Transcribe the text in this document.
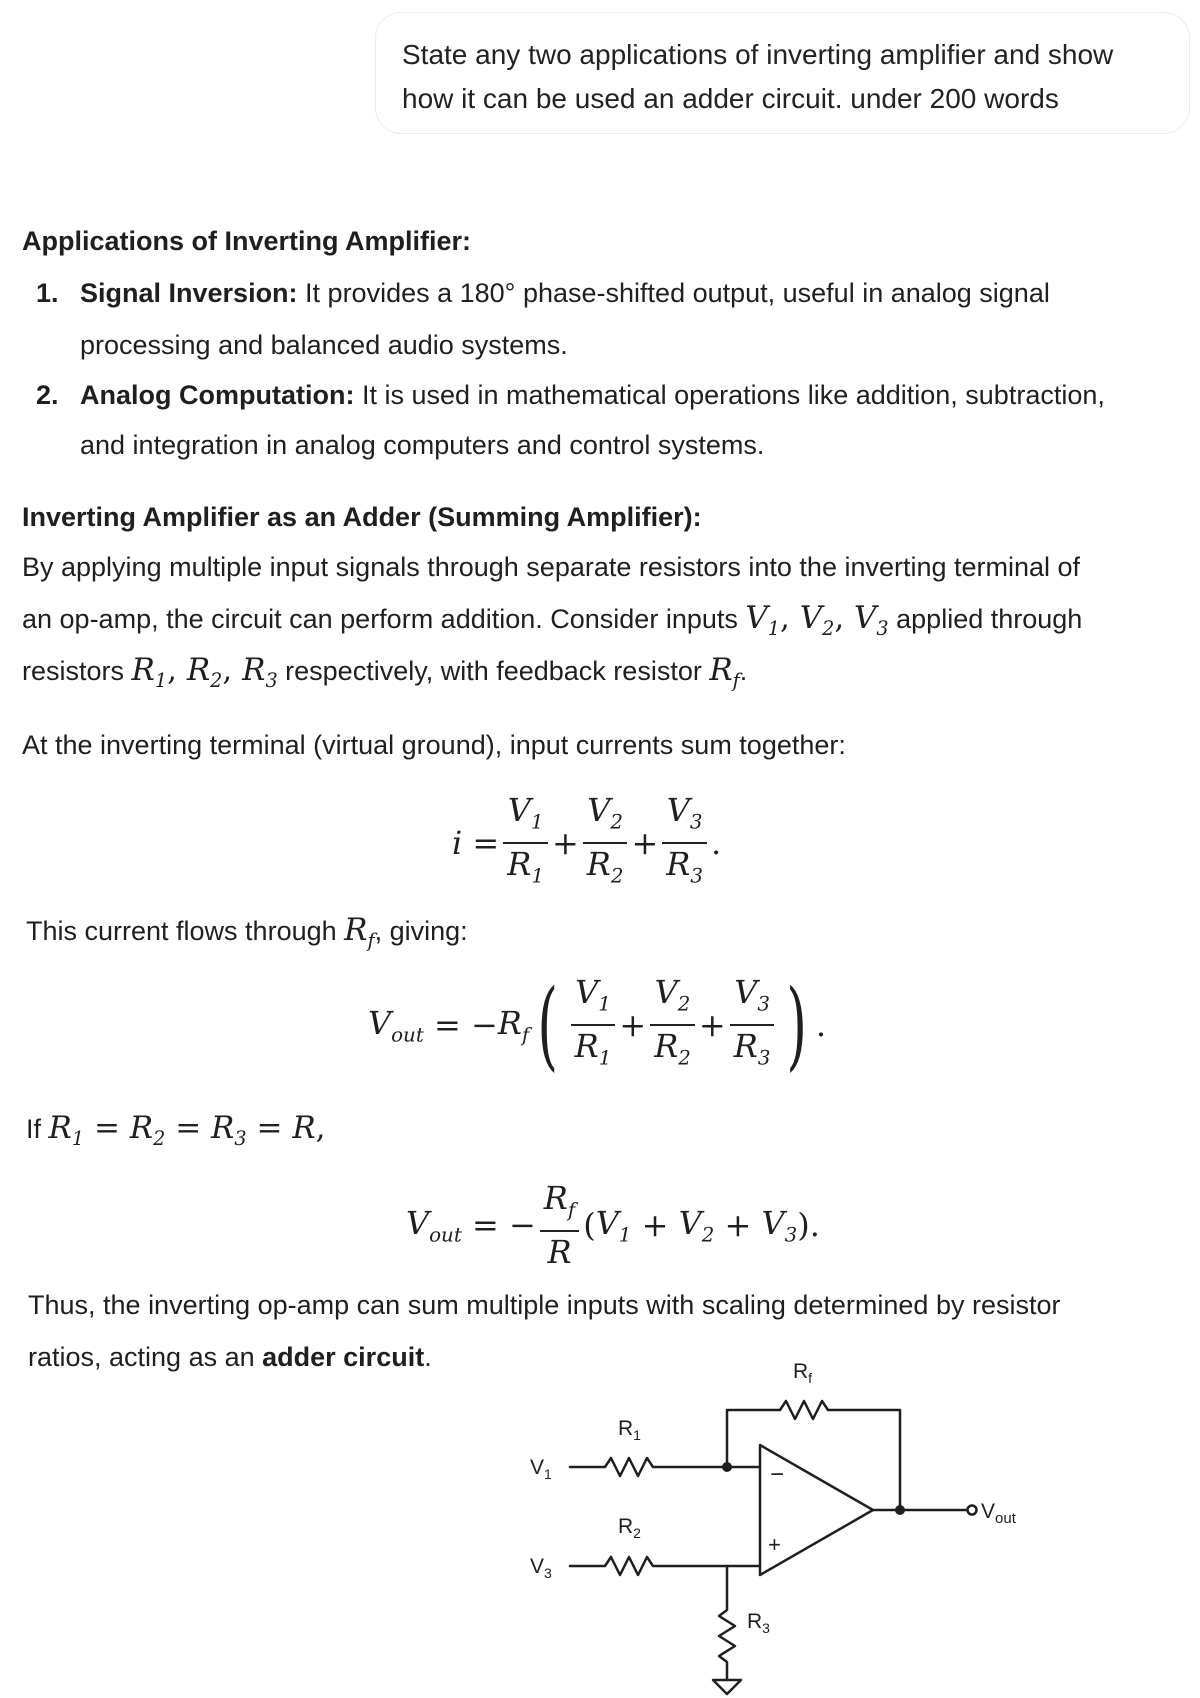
State any two applications of inverting amplifier and show
how it can be used an adder circuit. under 200 words
Applications of Inverting Amplifier:
1. Signal Inversion: It provides a 180° phase-shifted output, useful in analog signal
processing and balanced audio systems.
2. Analog Computation: It is used in mathematical operations like addition, subtraction,
and integration in analog computers and control systems.
Inverting Amplifier as an Adder (Summing Amplifier):
By applying multiple input signals through separate resistors into the inverting terminal of
an op-amp, the circuit can perform addition. Consider inputs $V_1$, $V_2$, $V_3$ applied through
resistors $R_1$, $R_2$, $R_3$ respectively, with feedback resistor $R_f$.
At the inverting terminal (virtual ground), input currents sum together:
i
= $\frac{V_1}{R_1} + \frac{V_2}{R_2} + \frac{V_3}{R_3}$ .
This current flows through $R_f$, giving:
$V_{out}$
=
− $R_f$ ( $\frac{V_1}{R_1} + \frac{V_2}{R_2} + \frac{V_3}{R_3}$ ) .
If $R_1 = R_2 = R_3 = R$,
$V_{out}$
=
− $\frac{R_f}{R}$ ( $V_1$
+
$V_2$
+
$V_3$ ) .
Thus, the inverting op-amp can sum multiple inputs with scaling determined by resistor
ratios, acting as an adder circuit.	$R_f$
$R_1$
$R_2$
$R_3$
$V_1$
$V_3$
$V_{out}$
−
+
